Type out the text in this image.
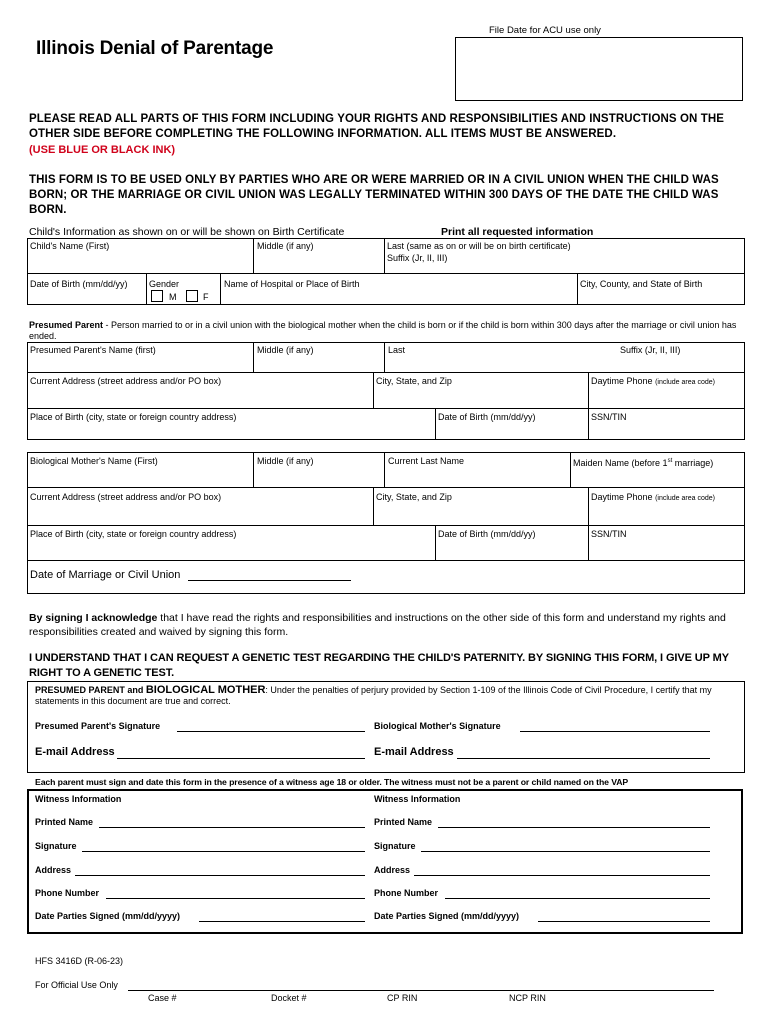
Illinois Denial of Parentage
File Date for ACU use only
PLEASE READ ALL PARTS OF THIS FORM INCLUDING YOUR RIGHTS AND RESPONSIBILITIES AND INSTRUCTIONS ON THE OTHER SIDE BEFORE COMPLETING THE FOLLOWING INFORMATION. ALL ITEMS MUST BE ANSWERED.
(USE BLUE OR BLACK INK)
THIS FORM IS TO BE USED ONLY BY PARTIES WHO ARE OR WERE MARRIED OR IN A CIVIL UNION WHEN THE CHILD WAS BORN; OR THE MARRIAGE OR CIVIL UNION WAS LEGALLY TERMINATED WITHIN 300 DAYS OF THE DATE THE CHILD WAS BORN.
Child's Information as shown on or will be shown on Birth Certificate	Print all requested information
Child's Name (First)	Middle (if any)	Last (same as on or will be on birth certificate)
Suffix (Jr, II, III)
Date of Birth (mm/dd/yy) Gender
M	F
Name of Hospital or Place of Birth	City, County, and State of Birth
Presumed Parent - Person married to or in a civil union with the biological mother when the child is born or if the child is born within 300 days after the marriage or civil union has ended.
Presumed Parent's Name (first)	Middle (if any)	Last	Suffix (Jr, II, III)
Current Address (street address and/or PO box)	City, State, and Zip	Daytime Phone (include area code)
Place of Birth (city, state or foreign country address)	Date of Birth (mm/dd/yy)	SSN/TIN
Biological Mother's Name (First)	Middle (if any)	Current Last Name	Maiden Name (before 1st marriage)
Current Address (street address and/or PO box)	City, State, and Zip	Daytime Phone (include area code)
Place of Birth (city, state or foreign country address)	Date of Birth (mm/dd/yy)	SSN/TIN
Date of Marriage or Civil Union
By signing I acknowledge that I have read the rights and responsibilities and instructions on the other side of this form and understand my rights and responsibilities created and waived by signing this form.
I UNDERSTAND THAT I CAN REQUEST A GENETIC TEST REGARDING THE CHILD'S PATERNITY. BY SIGNING THIS FORM, I GIVE UP MY RIGHT TO A GENETIC TEST.
PRESUMED PARENT and BIOLOGICAL MOTHER: Under the penalties of perjury provided by Section 1-109 of the Illinois Code of Civil Procedure, I certify that my statements in this document are true and correct.
Presumed Parent's Signature	Biological Mother's Signature
E-mail Address	E-mail Address
Each parent must sign and date this form in the presence of a witness age 18 or older. The witness must not be a parent or child named on the VAP
Witness Information	Witness Information
Printed Name	Printed Name
Signature	Signature
Address	Address
Phone Number	Phone Number
Date Parties Signed (mm/dd/yyyy)	Date Parties Signed (mm/dd/yyyy)
HFS 3416D (R-06-23)
For Official Use Only
Case #	Docket #	CP RIN	NCP RIN
